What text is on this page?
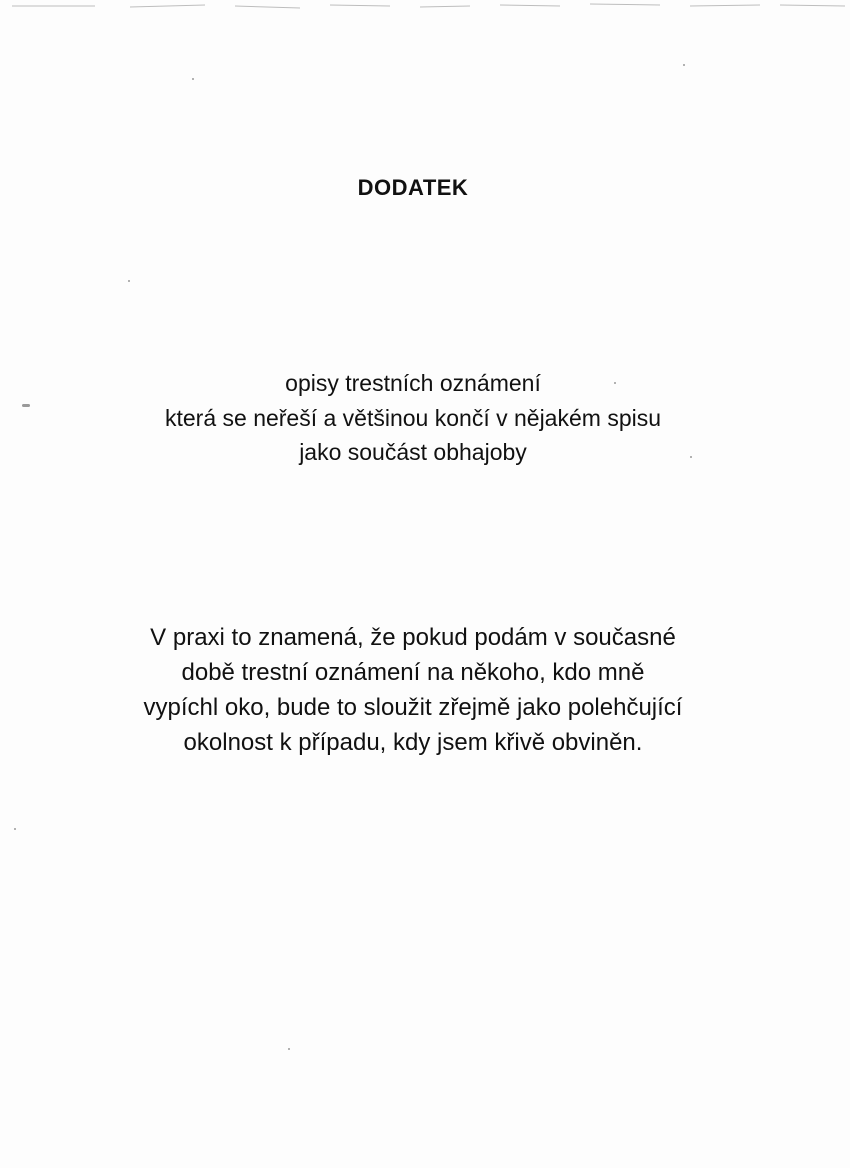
DODATEK
opisy trestních oznámení
která se neřeší a většinou končí v nějakém spisu
jako součást obhajoby
V praxi to znamená, že pokud podám v současné
době trestní oznámení na někoho, kdo mně
vypíchl oko, bude to sloužit zřejmě jako polehčující
okolnost k případu, kdy jsem křivě obviněn.
